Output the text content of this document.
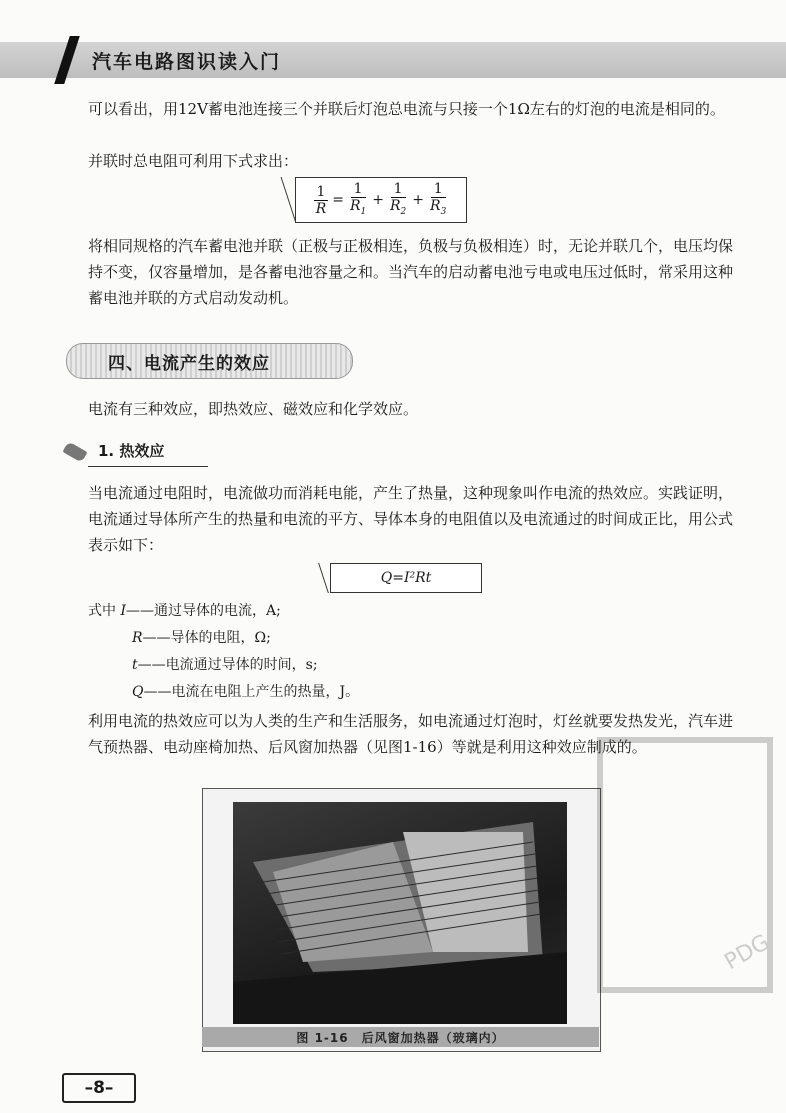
汽车电路图识读入门

可以看出，用12V蓄电池连接三个并联后灯泡总电流与只接一个1Ω左右的灯泡的电流是相同的。

并联时总电阻可利用下式求出：

$\frac{1}{R} = \frac{1}{R_1} + \frac{1}{R_2} + \frac{1}{R_3}$

将相同规格的汽车蓄电池并联（正极与正极相连，负极与负极相连）时，无论并联几个，电压均保持不变，仅容量增加，是各蓄电池容量之和。当汽车的启动蓄电池亏电或电压过低时，常采用这种蓄电池并联的方式启动发动机。

四、电流产生的效应

电流有三种效应，即热效应、磁效应和化学效应。

1. 热效应

当电流通过电阻时，电流做功而消耗电能，产生了热量，这种现象叫作电流的热效应。实践证明，电流通过导体所产生的热量和电流的平方、导体本身的电阻值以及电流通过的时间成正比，用公式表示如下：

Q=I²Rt
式中 I——通过导体的电流，A;
R——导体的电阻，Ω;
t——电流通过导体的时间，s;
Q——电流在电阻上产生的热量，J。

利用电流的热效应可以为人类的生产和生活服务，如电流通过灯泡时，灯丝就要发热发光，汽车进气预热器、电动座椅加热、后风窗加热器（见图1-16）等就是利用这种效应制成的。

图 1-16　后风窗加热器（玻璃内）
PDG
–8–
